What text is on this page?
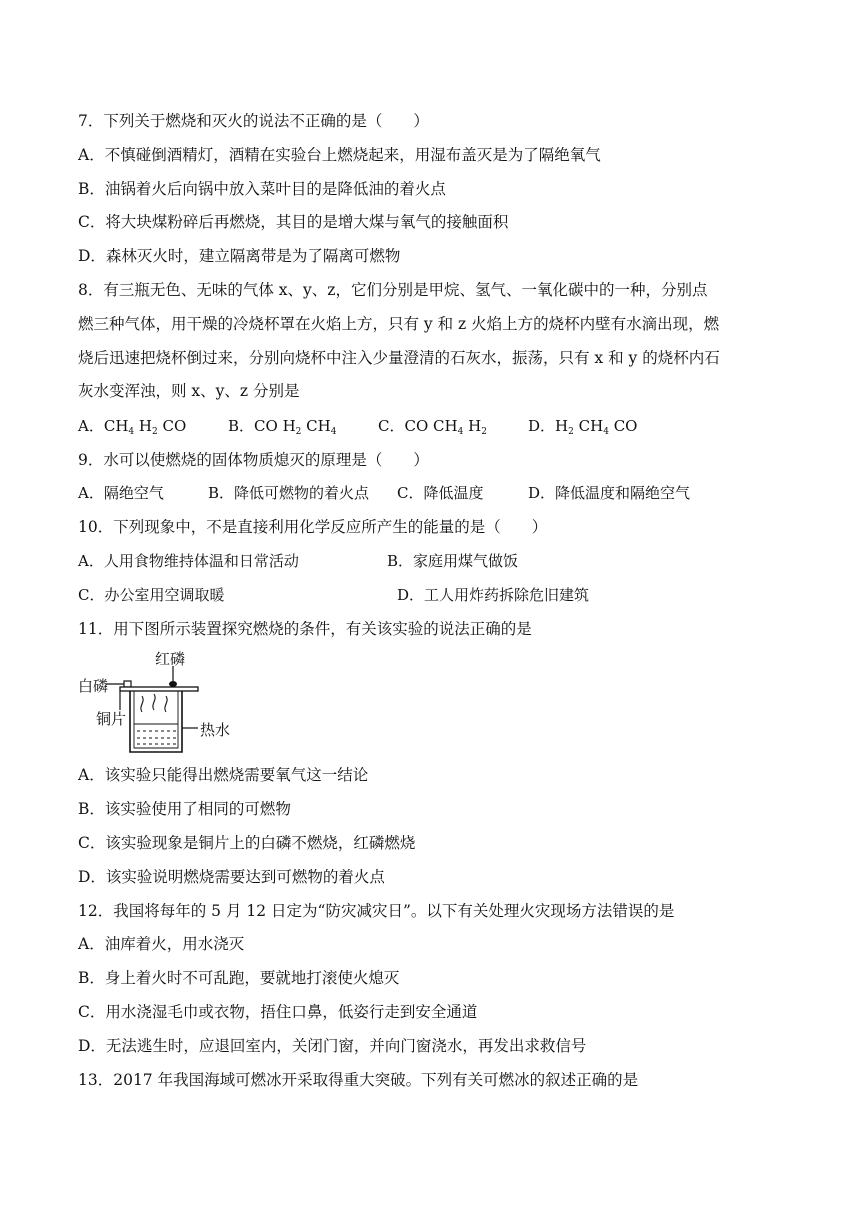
7．下列关于燃烧和灭火的说法不正确的是（　　）
A．不慎碰倒酒精灯，酒精在实验台上燃烧起来，用湿布盖灭是为了隔绝氧气
B．油锅着火后向锅中放入菜叶目的是降低油的着火点
C．将大块煤粉碎后再燃烧，其目的是增大煤与氧气的接触面积
D．森林灭火时，建立隔离带是为了隔离可燃物
8．有三瓶无色、无味的气体 x、y、z，它们分别是甲烷、氢气、一氧化碳中的一种，分别点
燃三种气体，用干燥的冷烧杯罩在火焰上方，只有 y 和 z 火焰上方的烧杯内壁有水滴出现，燃
烧后迅速把烧杯倒过来，分别向烧杯中注入少量澄清的石灰水，振荡，只有 x 和 y 的烧杯内石
灰水变浑浊，则 x、y、z 分别是
A．$CH_4$ $H_2$ CO	B．CO $H_2$ $CH_4$	C．CO $CH_4$ $H_2$	D．$H_2$ $CH_4$ CO
9．水可以使燃烧的固体物质熄灭的原理是（　　）
A．隔绝空气	B．降低可燃物的着火点 C．降低温度	D．降低温度和隔绝空气
10．下列现象中，不是直接利用化学反应所产生的能量的是（　　）
A．人用食物维持体温和日常活动	B．家庭用煤气做饭
C．办公室用空调取暖	D．工人用炸药拆除危旧建筑
11．用下图所示装置探究燃烧的条件，有关该实验的说法正确的是
红磷
白磷
铜片
热水
A．该实验只能得出燃烧需要氧气这一结论
B．该实验使用了相同的可燃物
C．该实验现象是铜片上的白磷不燃烧，红磷燃烧
D．该实验说明燃烧需要达到可燃物的着火点
12．我国将每年的 5 月 12 日定为“防灾减灾日”。以下有关处理火灾现场方法错误的是
A．油库着火，用水浇灭
B．身上着火时不可乱跑，要就地打滚使火熄灭
C．用水浇湿毛巾或衣物，捂住口鼻，低姿行走到安全通道
D．无法逃生时，应退回室内，关闭门窗，并向门窗浇水，再发出求救信号
13．2017 年我国海域可燃冰开采取得重大突破。下列有关可燃冰的叙述正确的是
